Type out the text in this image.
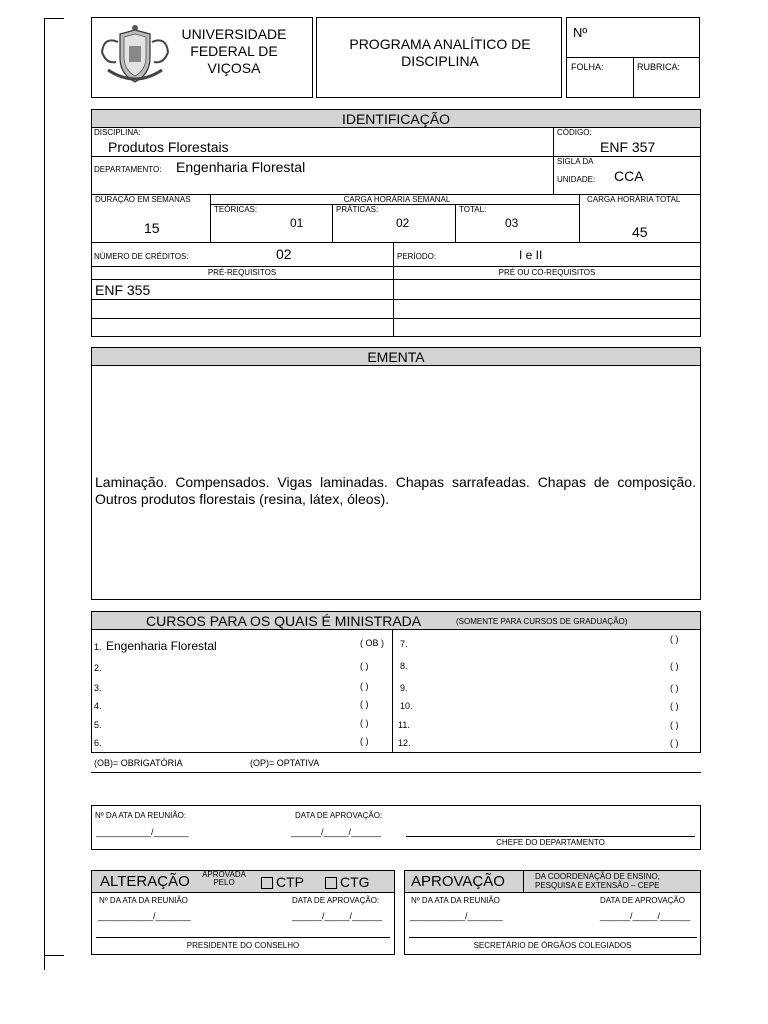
UNIVERSIDADE FEDERAL DE VIÇOSA
PROGRAMA ANALÍTICO DE DISCIPLINA
Nº
FOLHA:	RUBRICA:
IDENTIFICAÇÃO
DISCIPLINA:
Produtos Florestais
CÓDIGO:
ENF 357
DEPARTAMENTO: Engenharia Florestal	SIGLA DA
UNIDADE: CCA
DURAÇÃO EM SEMANAS	CARGA HORÁRIA SEMANAL	CARGA HORÁRIA TOTAL
15
TEÓRICAS:
01
PRÁTICAS:
02
TOTAL:
03
45
NÚMERO DE CRÉDITOS:	02	PERÍODO:	I e II
PRÉ-REQUISITOS	PRÉ OU CO-REQUISITOS
ENF 355
EMENTA
Laminação. Compensados. Vigas laminadas. Chapas sarrafeadas. Chapas de composição. Outros produtos florestais (resina, látex, óleos).
CURSOS PARA OS QUAIS É MINISTRADA	(SOMENTE PARA CURSOS DE GRADUAÇÃO)
1. Engenharia Florestal	( OB )
2.	( )
3.	( )
4.	( )
5.	( )
6.	( )
7.	( )
8.	( )
9.	( )
10.	( )
11.	( )
12.	( )
(OB)= OBRIGATÓRIA	(OP)= OPTATIVA
Nº DA ATA DA REUNIÃO:
___________/_______
DATA DE APROVAÇÃO:
______/_____/______
CHEFE DO DEPARTAMENTO
ALTERAÇÃO	APROVADA
PELO	CTP	CTG
Nº DA ATA DA REUNIÃO
___________/_______
DATA DE APROVAÇÃO:
______/_____/______
PRESIDENTE DO CONSELHO
APROVAÇÃO	DA COORDENAÇÃO DE ENSINO,
PESQUISA E EXTENSÃO – CEPE
Nº DA ATA DA REUNIÃO
___________/_______
DATA DE APROVAÇÃO
______/_____/______
SECRETÁRIO DE ÓRGÃOS COLEGIADOS
